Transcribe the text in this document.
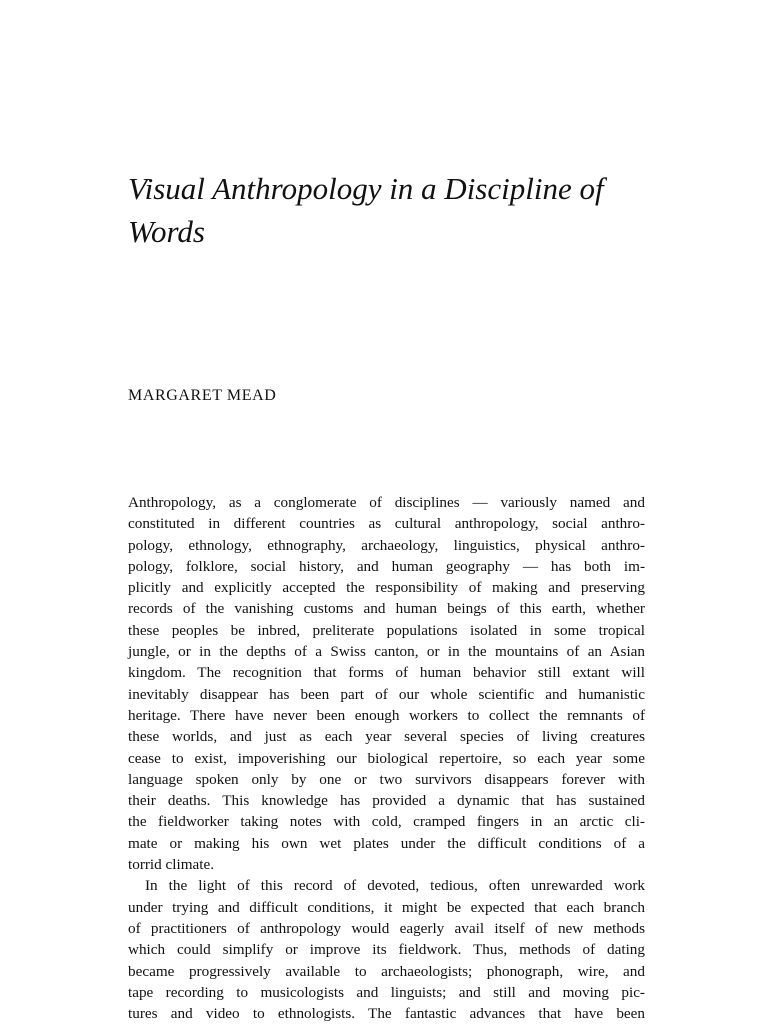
Visual Anthropology in a Discipline of
Words

MARGARET MEAD

Anthropology, as a conglomerate of disciplines — variously named and
constituted in different countries as cultural anthropology, social anthro-
pology, ethnology, ethnography, archaeology, linguistics, physical anthro-
pology, folklore, social history, and human geography — has both im-
plicitly and explicitly accepted the responsibility of making and preserving
records of the vanishing customs and human beings of this earth, whether
these peoples be inbred, preliterate populations isolated in some tropical
jungle, or in the depths of a Swiss canton, or in the mountains of an Asian
kingdom. The recognition that forms of human behavior still extant will
inevitably disappear has been part of our whole scientific and humanistic
heritage. There have never been enough workers to collect the remnants of
these worlds, and just as each year several species of living creatures
cease to exist, impoverishing our biological repertoire, so each year some
language spoken only by one or two survivors disappears forever with
their deaths. This knowledge has provided a dynamic that has sustained
the fieldworker taking notes with cold, cramped fingers in an arctic cli-
mate or making his own wet plates under the difficult conditions of a
torrid climate.

In the light of this record of devoted, tedious, often unrewarded work
under trying and difficult conditions, it might be expected that each branch
of practitioners of anthropology would eagerly avail itself of new methods
which could simplify or improve its fieldwork. Thus, methods of dating
became progressively available to archaeologists; phonograph, wire, and
tape recording to musicologists and linguists; and still and moving pic-
tures and video to ethnologists. The fantastic advances that have been
